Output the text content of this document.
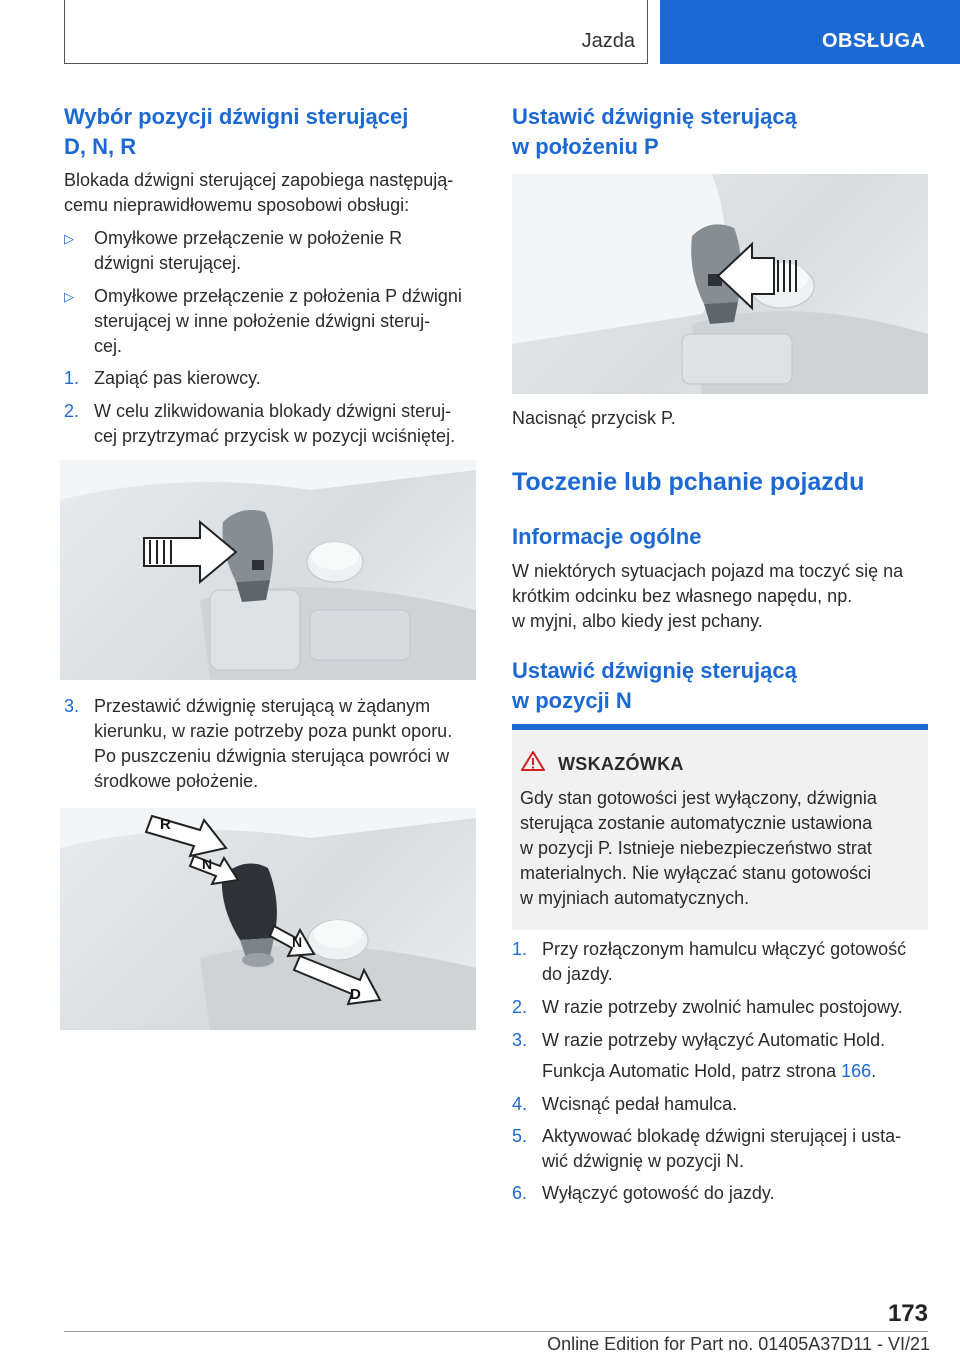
Jazda	OBSŁUGA
Wybór pozycji dźwigni sterującej
D, N, R
Blokada dźwigni sterującej zapobiega następują‐
cemu nieprawidłowemu sposobowi obsługi:
▷ Omyłkowe przełączenie w położenie R
dźwigni sterującej.
▷ Omyłkowe przełączenie z położenia P dźwigni
sterującej w inne położenie dźwigni steruj‐
cej.
1. Zapiąć pas kierowcy.
2. W celu zlikwidowania blokady dźwigni steruj‐
cej przytrzymać przycisk w pozycji wciśniętej.
3. Przestawić dźwignię sterującą w żądanym
kierunku, w razie potrzeby poza punkt oporu.
Po puszczeniu dźwignia sterująca powróci w
środkowe położenie.
R
N
N
D
Ustawić dźwignię sterującą
w położeniu P
Nacisnąć przycisk P.
Toczenie lub pchanie pojazdu
Informacje ogólne
W niektórych sytuacjach pojazd ma toczyć się na
krótkim odcinku bez własnego napędu, np.
w myjni, albo kiedy jest pchany.
Ustawić dźwignię sterującą
w pozycji N
WSKAZÓWKA
Gdy stan gotowości jest wyłączony, dźwignia
sterująca zostanie automatycznie ustawiona
w pozycji P. Istnieje niebezpieczeństwo strat
materialnych. Nie wyłączać stanu gotowości
w myjniach automatycznych.
1. Przy rozłączonym hamulcu włączyć gotowość
do jazdy.
2. W razie potrzeby zwolnić hamulec postojowy.
3. W razie potrzeby wyłączyć Automatic Hold.
Funkcja Automatic Hold, patrz strona 166.
4. Wcisnąć pedał hamulca.
5. Aktywować blokadę dźwigni sterującej i usta‐
wić dźwignię w pozycji N.
6. Wyłączyć gotowość do jazdy.
173
Online Edition for Part no. 01405A37D11 - VI/21
